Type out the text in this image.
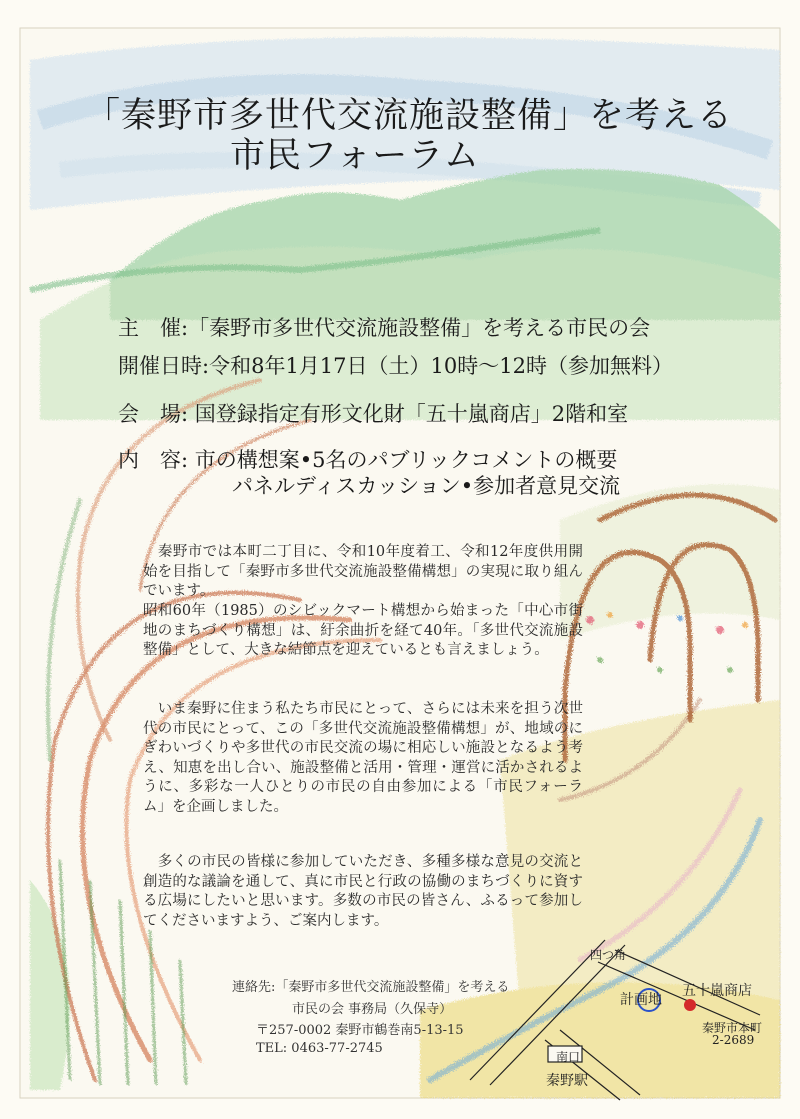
「秦野市多世代交流施設整備」を考える
市民フォーラム
主　催:「秦野市多世代交流施設整備」を考える市民の会
開催日時:令和8年1月17日（土）10時～12時（参加無料）
会　場: 国登録指定有形文化財「五十嵐商店」2階和室
内　容: 市の構想案•5名のパブリックコメントの概要
パネルディスカッション•参加者意見交流

　秦野市では本町二丁目に、令和10年度着工、令和12年度供用開始を目指して「秦野市多世代交流施設整備構想」の実現に取り組んでいます。

昭和60年（1985）のシビックマート構想から始まった「中心市街地のまちづくり構想」は、紆余曲折を経て40年。「多世代交流施設整備」として、大きな結節点を迎えているとも言えましょう。

　いま秦野に住まう私たち市民にとって、さらには未来を担う次世代の市民にとって、この「多世代交流施設整備構想」が、地域のにぎわいづくりや多世代の市民交流の場に相応しい施設となるよう考え、知恵を出し合い、施設整備と活用・管理・運営に活かされるように、多彩な一人ひとりの市民の自由参加による「市民フォーラム」を企画しました。

　多くの市民の皆様に参加していただき、多種多様な意見の交流と創造的な議論を通して、真に市民と行政の協働のまちづくりに資する広場にしたいと思います。多数の市民の皆さん、ふるって参加してくださいますよう、ご案内します。

連絡先:「秦野市多世代交流施設整備」を考える
市民の会 事務局（久保寺）
〒257-0002 秦野市鶴巻南5-13-15
TEL: 0463-77-2745
四つ角
計画地
五十嵐商店
秦野市本町
2-2689
南口
秦野駅
